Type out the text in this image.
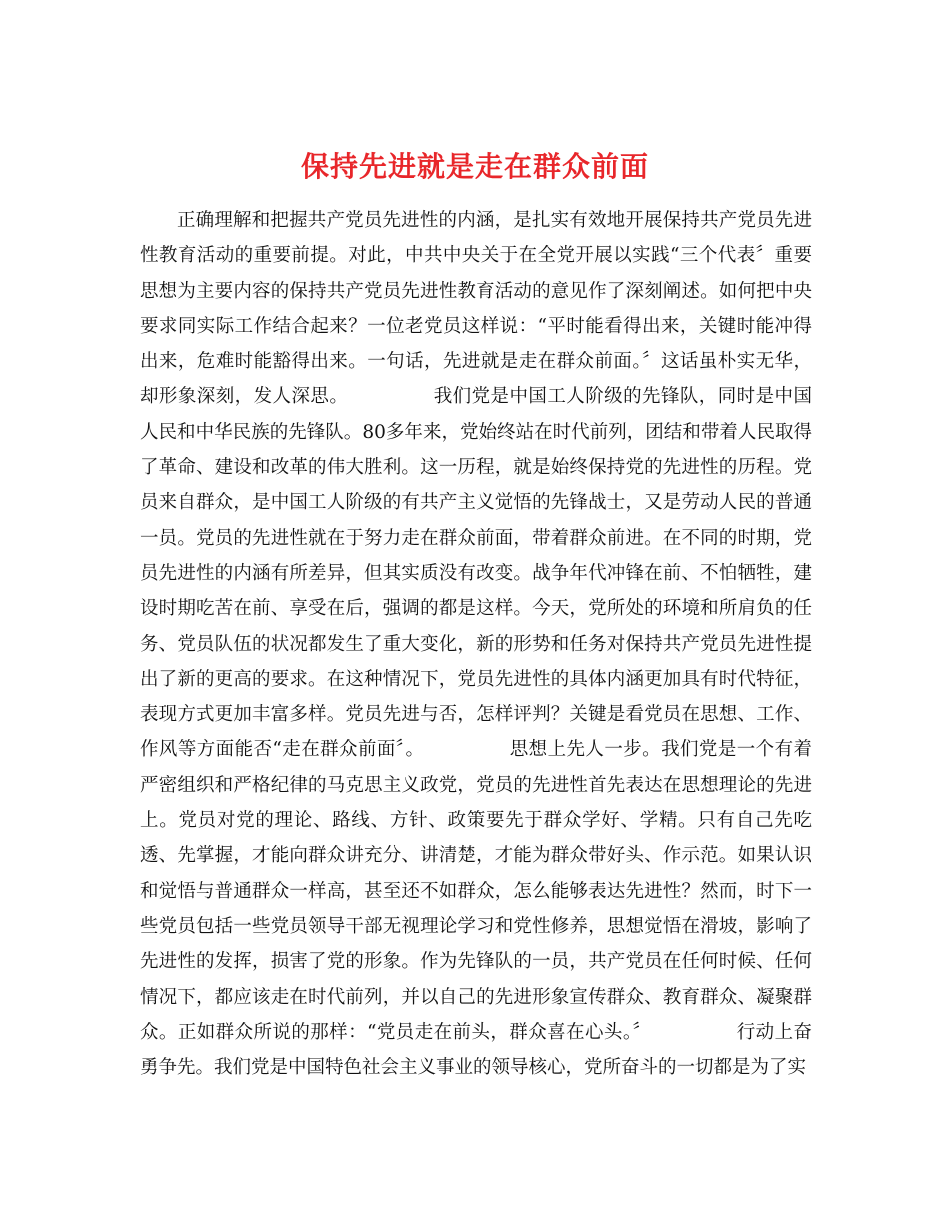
保持先进就是走在群众前面

正确理解和把握共产党员先进性的内涵，是扎实有效地开展保持共产党员先进性教育活动的重要前提。对此，中共中央关于在全党开展以实践“三个代表〞重要思想为主要内容的保持共产党员先进性教育活动的意见作了深刻阐述。如何把中央要求同实际工作结合起来？一位老党员这样说：“平时能看得出来，关键时能冲得出来，危难时能豁得出来。一句话，先进就是走在群众前面。〞这话虽朴实无华，却形象深刻，发人深思。　　　　　我们党是中国工人阶级的先锋队，同时是中国人民和中华民族的先锋队。80多年来，党始终站在时代前列，团结和带着人民取得了革命、建设和改革的伟大胜利。这一历程，就是始终保持党的先进性的历程。党员来自群众，是中国工人阶级的有共产主义觉悟的先锋战士，又是劳动人民的普通一员。党员的先进性就在于努力走在群众前面，带着群众前进。在不同的时期，党员先进性的内涵有所差异，但其实质没有改变。战争年代冲锋在前、不怕牺牲，建设时期吃苦在前、享受在后，强调的都是这样。今天，党所处的环境和所肩负的任务、党员队伍的状况都发生了重大变化，新的形势和任务对保持共产党员先进性提出了新的更高的要求。在这种情况下，党员先进性的具体内涵更加具有时代特征，表现方式更加丰富多样。党员先进与否，怎样评判？关键是看党员在思想、工作、作风等方面能否“走在群众前面〞。　　　　　思想上先人一步。我们党是一个有着严密组织和严格纪律的马克思主义政党，党员的先进性首先表达在思想理论的先进上。党员对党的理论、路线、方针、政策要先于群众学好、学精。只有自己先吃透、先掌握，才能向群众讲充分、讲清楚，才能为群众带好头、作示范。如果认识和觉悟与普通群众一样高，甚至还不如群众，怎么能够表达先进性？然而，时下一些党员包括一些党员领导干部无视理论学习和党性修养，思想觉悟在滑坡，影响了先进性的发挥，损害了党的形象。作为先锋队的一员，共产党员在任何时候、任何情况下，都应该走在时代前列，并以自己的先进形象宣传群众、教育群众、凝聚群众。正如群众所说的那样：“党员走在前头，群众喜在心头。〞　　　　　行动上奋勇争先。我们党是中国特色社会主义事业的领导核心，党所奋斗的一切都是为了实
